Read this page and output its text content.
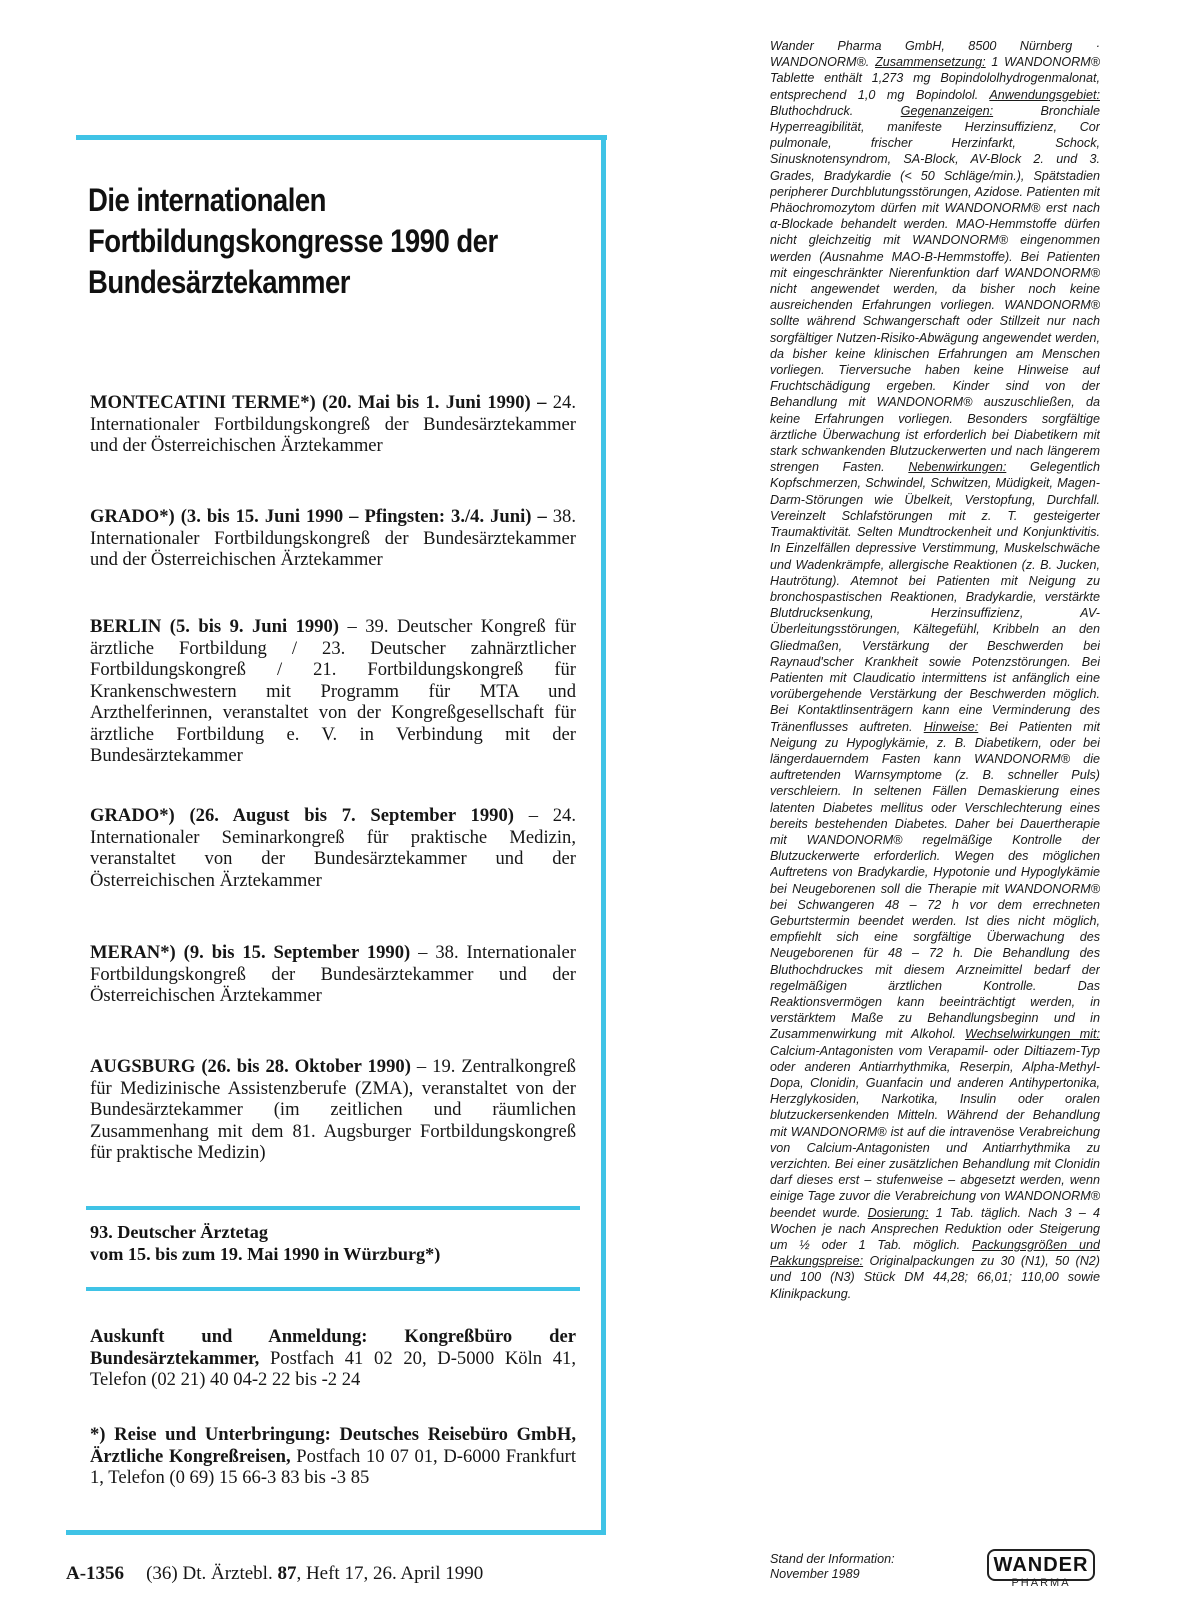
Die internationalen Fortbildungskongresse 1990 der Bundesärztekammer

MONTECATINI TERME*) (20. Mai bis 1. Juni 1990) – 24. Internationaler Fortbildungskongreß der Bundesärztekammer und der Österreichischen Ärztekammer

GRADO*) (3. bis 15. Juni 1990 – Pfingsten: 3./4. Juni) – 38. Internationaler Fortbildungskongreß der Bundesärztekammer und der Österreichischen Ärztekammer

BERLIN (5. bis 9. Juni 1990) – 39. Deutscher Kongreß für ärztliche Fortbildung / 23. Deutscher zahnärztlicher Fortbildungskongreß / 21. Fortbildungskongreß für Krankenschwestern mit Programm für MTA und Arzthelferinnen, veranstaltet von der Kongreßgesellschaft für ärztliche Fortbildung e. V. in Verbindung mit der Bundesärztekammer

GRADO*) (26. August bis 7. September 1990) – 24. Internationaler Seminarkongreß für praktische Medizin, veranstaltet von der Bundesärztekammer und der Österreichischen Ärztekammer

MERAN*) (9. bis 15. September 1990) – 38. Internationaler Fortbildungskongreß der Bundesärztekammer und der Österreichischen Ärztekammer

AUGSBURG (26. bis 28. Oktober 1990) – 19. Zentralkongreß für Medizinische Assistenzberufe (ZMA), veranstaltet von der Bundesärztekammer (im zeitlichen und räumlichen Zusammenhang mit dem 81. Augsburger Fortbildungskongreß für praktische Medizin)

93. Deutscher Ärztetag
vom 15. bis zum 19. Mai 1990 in Würzburg*)

Auskunft und Anmeldung: Kongreßbüro der Bundesärztekammer, Postfach 41 02 20, D-5000 Köln 41, Telefon (02 21) 40 04-2 22 bis -2 24

*) Reise und Unterbringung: Deutsches Reisebüro GmbH, Ärztliche Kongreßreisen, Postfach 10 07 01, D-6000 Frankfurt 1, Telefon (0 69) 15 66-3 83 bis -3 85

A-1356 (36) Dt. Ärztebl. 87, Heft 17, 26. April 1990

Wander Pharma GmbH, 8500 Nürnberg · WANDONORM®. Zusammensetzung: 1 WANDONORM® Tablette enthält 1,273 mg Bopindololhydrogenmalonat, entsprechend 1,0 mg Bopindolol. Anwendungsgebiet: Bluthochdruck. Gegenanzeigen: Bronchiale Hyperreagibilität, manifeste Herzinsuffizienz, Cor pulmonale, frischer Herzinfarkt, Schock, Sinusknotensyndrom, SA-Block, AV-Block 2. und 3. Grades, Bradykardie (< 50 Schläge/min.), Spätstadien peripherer Durchblutungsstörungen, Azidose. Patienten mit Phäochromozytom dürfen mit WANDONORM® erst nach α-Blockade behandelt werden. MAO-Hemmstoffe dürfen nicht gleichzeitig mit WANDONORM® eingenommen werden (Ausnahme MAO-B-Hemmstoffe). Bei Patienten mit eingeschränkter Nierenfunktion darf WANDONORM® nicht angewendet werden, da bisher noch keine ausreichenden Erfahrungen vorliegen. WANDONORM® sollte während Schwangerschaft oder Stillzeit nur nach sorgfältiger Nutzen-Risiko-Abwägung angewendet werden, da bisher keine klinischen Erfahrungen am Menschen vorliegen. Tierversuche haben keine Hinweise auf Fruchtschädigung ergeben. Kinder sind von der Behandlung mit WANDONORM® auszuschließen, da keine Erfahrungen vorliegen. Besonders sorgfältige ärztliche Überwachung ist erforderlich bei Diabetikern mit stark schwankenden Blutzuckerwerten und nach längerem strengen Fasten. Nebenwirkungen: Gelegentlich Kopfschmerzen, Schwindel, Schwitzen, Müdigkeit, Magen-Darm-Störungen wie Übelkeit, Verstopfung, Durchfall. Vereinzelt Schlafstörungen mit z. T. gesteigerter Traumaktivität. Selten Mundtrockenheit und Konjunktivitis. In Einzelfällen depressive Verstimmung, Muskelschwäche und Wadenkrämpfe, allergische Reaktionen (z. B. Jucken, Hautrötung). Atemnot bei Patienten mit Neigung zu bronchospastischen Reaktionen, Bradykardie, verstärkte Blutdrucksenkung, Herzinsuffizienz, AV-Überleitungsstörungen, Kältegefühl, Kribbeln an den Gliedmaßen, Verstärkung der Beschwerden bei Raynaud'scher Krankheit sowie Potenzstörungen. Bei Patienten mit Claudicatio intermittens ist anfänglich eine vorübergehende Verstärkung der Beschwerden möglich. Bei Kontaktlinsenträgern kann eine Verminderung des Tränenflusses auftreten. Hinweise: Bei Patienten mit Neigung zu Hypoglykämie, z. B. Diabetikern, oder bei längerdauerndem Fasten kann WANDONORM® die auftretenden Warnsymptome (z. B. schneller Puls) verschleiern. In seltenen Fällen Demaskierung eines latenten Diabetes mellitus oder Verschlechterung eines bereits bestehenden Diabetes. Daher bei Dauertherapie mit WANDONORM® regelmäßige Kontrolle der Blutzuckerwerte erforderlich. Wegen des möglichen Auftretens von Bradykardie, Hypotonie und Hypoglykämie bei Neugeborenen soll die Therapie mit WANDONORM® bei Schwangeren 48 – 72 h vor dem errechneten Geburtstermin beendet werden. Ist dies nicht möglich, empfiehlt sich eine sorgfältige Überwachung des Neugeborenen für 48 – 72 h. Die Behandlung des Bluthochdruckes mit diesem Arzneimittel bedarf der regelmäßigen ärztlichen Kontrolle. Das Reaktionsvermögen kann beeinträchtigt werden, in verstärktem Maße zu Behandlungsbeginn und in Zusammenwirkung mit Alkohol. Wechselwirkungen mit: Calcium-Antagonisten vom Verapamil- oder Diltiazem-Typ oder anderen Antiarrhythmika, Reserpin, Alpha-Methyl-Dopa, Clonidin, Guanfacin und anderen Antihypertonika, Herzglykosiden, Narkotika, Insulin oder oralen blutzuckersenkenden Mitteln. Während der Behandlung mit WANDONORM® ist auf die intravenöse Verabreichung von Calcium-Antagonisten und Antiarrhythmika zu verzichten. Bei einer zusätzlichen Behandlung mit Clonidin darf dieses erst – stufenweise – abgesetzt werden, wenn einige Tage zuvor die Verabreichung von WANDONORM® beendet wurde. Dosierung: 1 Tab. täglich. Nach 3 – 4 Wochen je nach Ansprechen Reduktion oder Steigerung um ½ oder 1 Tab. möglich. Packungsgrößen und Pakkungspreise: Originalpackungen zu 30 (N1), 50 (N2) und 100 (N3) Stück DM 44,28; 66,01; 110,00 sowie Klinikpackung.
Stand der Information:
November 1989	WANDER
PHARMA
